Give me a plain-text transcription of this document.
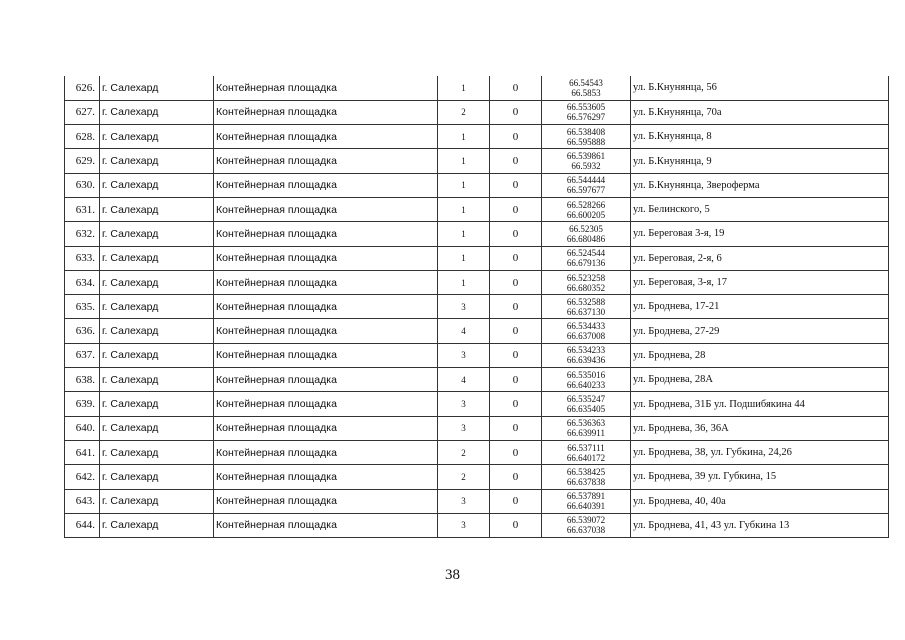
626.	г. Салехард	Контейнерная площадка	1	0	66.54543
66.5853	ул. Б.Кнунянца, 56
627.	г. Салехард	Контейнерная площадка	2	0	66.553605
66.576297	ул. Б.Кнунянца, 70а
628.	г. Салехард	Контейнерная площадка	1	0	66.538408
66.595888	ул. Б.Кнунянца, 8
629.	г. Салехард	Контейнерная площадка	1	0	66.539861
66.5932	ул. Б.Кнунянца, 9
630.	г. Салехард	Контейнерная площадка	1	0	66.544444
66.597677	ул. Б.Кнунянца, Звероферма
631.	г. Салехард	Контейнерная площадка	1	0	66.528266
66.600205	ул. Белинского, 5
632.	г. Салехард	Контейнерная площадка	1	0	66.52305
66.680486	ул. Береговая 3-я, 19
633.	г. Салехард	Контейнерная площадка	1	0	66.524544
66.679136	ул. Береговая, 2-я, 6
634.	г. Салехард	Контейнерная площадка	1	0	66.523258
66.680352	ул. Береговая, 3-я, 17
635.	г. Салехард	Контейнерная площадка	3	0	66.532588
66.637130	ул. Броднева, 17-21
636.	г. Салехард	Контейнерная площадка	4	0	66.534433
66.637008	ул. Броднева, 27-29
637.	г. Салехард	Контейнерная площадка	3	0	66.534233
66.639436	ул. Броднева, 28
638.	г. Салехард	Контейнерная площадка	4	0	66.535016
66.640233	ул. Броднева, 28А
639.	г. Салехард	Контейнерная площадка	3	0	66.535247
66.635405	ул. Броднева, 31Б ул. Подшибякина 44
640.	г. Салехард	Контейнерная площадка	3	0	66.536363
66.639911	ул. Броднева, 36, 36А
641.	г. Салехард	Контейнерная площадка	2	0	66.537111
66.640172	ул. Броднева, 38, ул. Губкина, 24,26
642.	г. Салехард	Контейнерная площадка	2	0	66.538425
66.637838	ул. Броднева, 39 ул. Губкина, 15
643.	г. Салехард	Контейнерная площадка	3	0	66.537891
66.640391	ул. Броднева, 40, 40а
644.	г. Салехард	Контейнерная площадка	3	0	66.539072
66.637038	ул. Броднева, 41, 43 ул. Губкина 13
38
